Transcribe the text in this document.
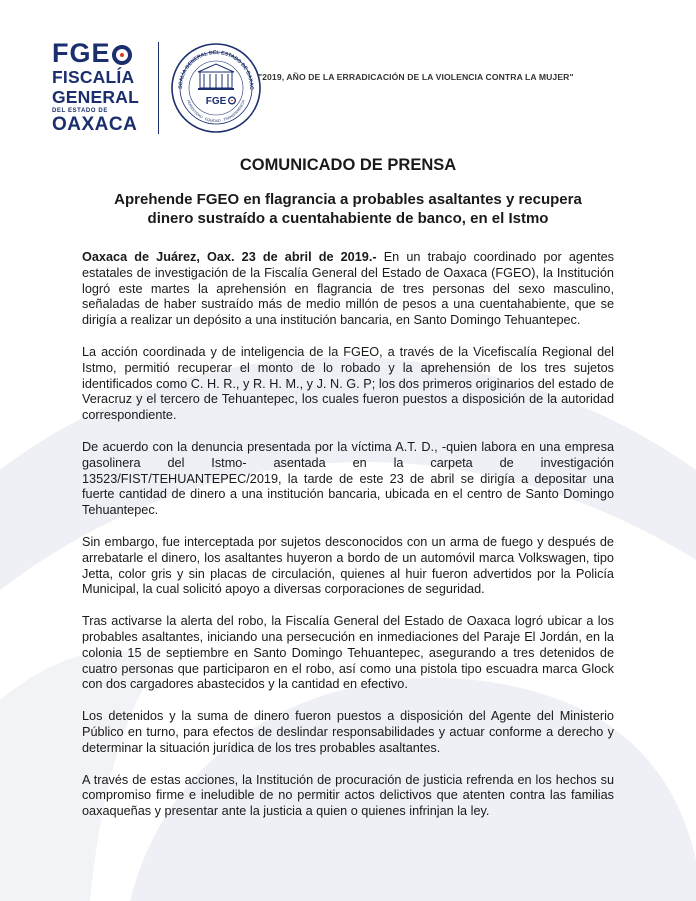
FGE
FISCALÍA
GENERAL
DEL ESTADO DE
OAXACA
SCALÍA GENERAL DEL ESTADO DE OAXAC
HONESTIDAD · EQUIDAD · TRANSPARENCIA
FGE
"2019, AÑO DE LA ERRADICACIÓN DE LA VIOLENCIA CONTRA LA MUJER"
COMUNICADO DE PRENSA
Aprehende FGEO en flagrancia a probables asaltantes y recupera
dinero sustraído a cuentahabiente de banco, en el Istmo

Oaxaca de Juárez, Oax. 23 de abril de 2019.- En un trabajo coordinado por agentes estatales de investigación de la Fiscalía General del Estado de Oaxaca (FGEO), la Institución logró este martes la aprehensión en flagrancia de tres personas del sexo masculino, señaladas de haber sustraído más de medio millón de pesos a una cuentahabiente, que se dirigía a realizar un depósito a una institución bancaria, en Santo Domingo Tehuantepec.

La acción coordinada y de inteligencia de la FGEO, a través de la Vicefiscalía Regional del Istmo, permitió recuperar el monto de lo robado y la aprehensión de los tres sujetos identificados como C. H. R., y R. H. M., y J. N. G. P; los dos primeros originarios del estado de Veracruz y el tercero de Tehuantepec, los cuales fueron puestos a disposición de la autoridad correspondiente.

De acuerdo con la denuncia presentada por la víctima A.T. D., -quien labora en una empresa gasolinera del Istmo- asentada en la carpeta de investigación 13523/FIST/TEHUANTEPEC/2019, la tarde de este 23 de abril se dirigía a depositar una fuerte cantidad de dinero a una institución bancaria, ubicada en el centro de Santo Domingo Tehuantepec.

Sin embargo, fue interceptada por sujetos desconocidos con un arma de fuego y después de arrebatarle el dinero, los asaltantes huyeron a bordo de un automóvil marca Volkswagen, tipo Jetta, color gris y sin placas de circulación, quienes al huir fueron advertidos por la Policía Municipal, la cual solicitó apoyo a diversas corporaciones de seguridad.

Tras activarse la alerta del robo, la Fiscalía General del Estado de Oaxaca logró ubicar a los probables asaltantes, iniciando una persecución en inmediaciones del Paraje El Jordán, en la colonia 15 de septiembre en Santo Domingo Tehuantepec, asegurando a tres detenidos de cuatro personas que participaron en el robo, así como una pistola tipo escuadra marca Glock con dos cargadores abastecidos y la cantidad en efectivo.

Los detenidos y la suma de dinero fueron puestos a disposición del Agente del Ministerio Público en turno, para efectos de deslindar responsabilidades y actuar conforme a derecho y determinar la situación jurídica de los tres probables asaltantes.

A través de estas acciones, la Institución de procuración de justicia refrenda en los hechos su compromiso firme e ineludible de no permitir actos delictivos que atenten contra las familias oaxaqueñas y presentar ante la justicia a quien o quienes infrinjan la ley.
